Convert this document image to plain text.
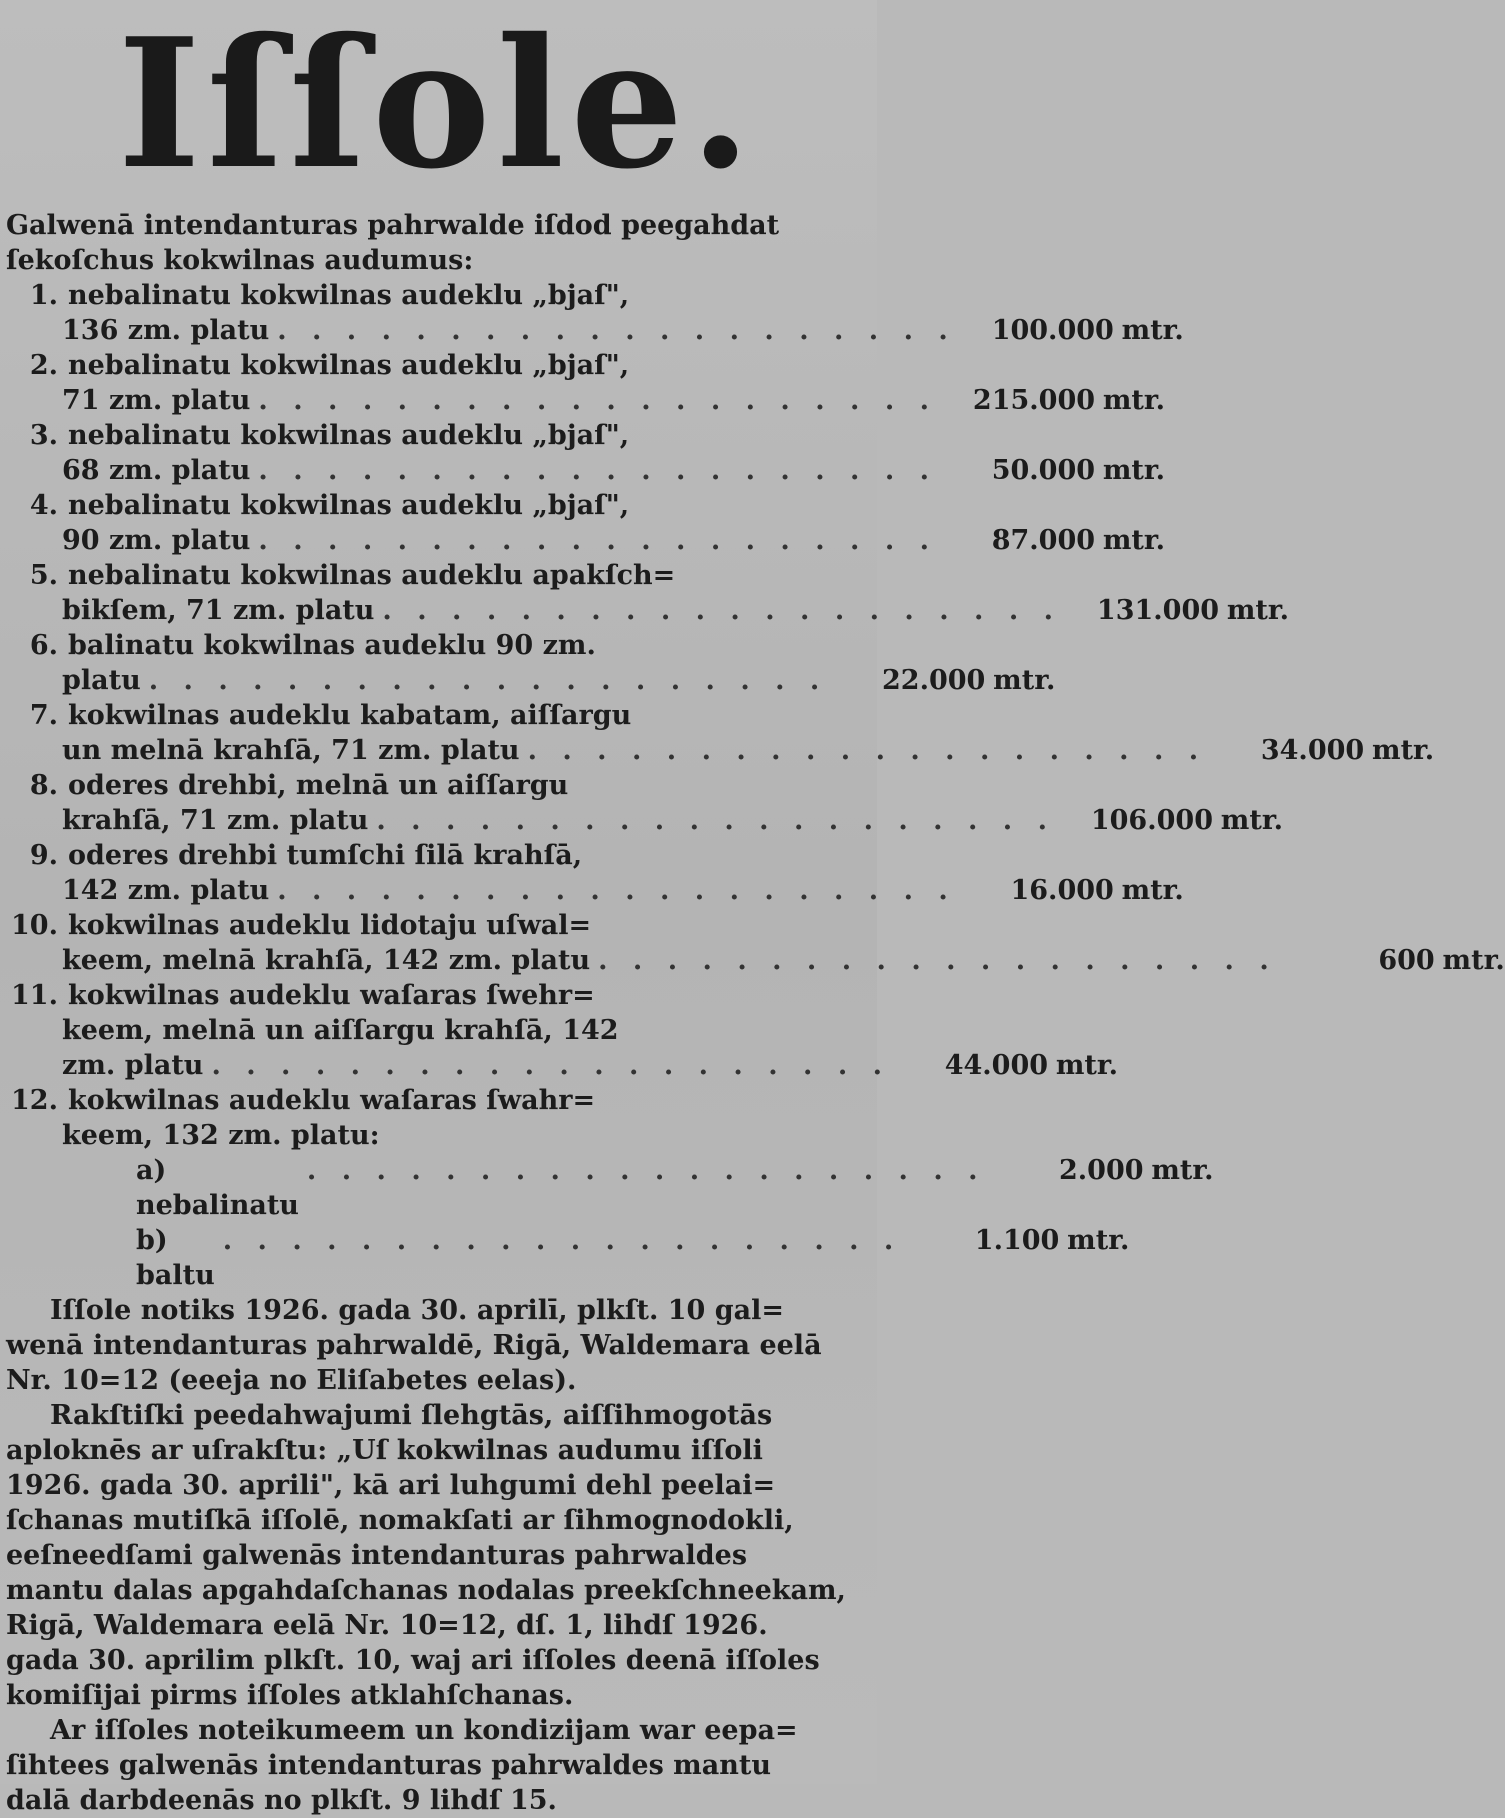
Iſſole.

Galwenā intendanturas pahrwalde iſdod peegahdat

ſekoſchus kokwilnas audumus:

1. nebalinatu kokwilnas audeklu „bjaſ",
136 zm. platu . . . . . . . . . . . . . . . . . . . .	100.000 mtr.
2. nebalinatu kokwilnas audeklu „bjaſ",
71 zm. platu . . . . . . . . . . . . . . . . . . . .	215.000 mtr.
3. nebalinatu kokwilnas audeklu „bjaſ",
68 zm. platu . . . . . . . . . . . . . . . . . . . .	50.000 mtr.
4. nebalinatu kokwilnas audeklu „bjaſ",
90 zm. platu . . . . . . . . . . . . . . . . . . . .	87.000 mtr.
5. nebalinatu kokwilnas audeklu apakſch=
bikſem, 71 zm. platu . . . . . . . . . . . . . . . . . . . .	131.000 mtr.
6. balinatu kokwilnas audeklu 90 zm.
platu . . . . . . . . . . . . . . . . . . . .	22.000 mtr.
7. kokwilnas audeklu kabatam, aiſſargu
un melnā krahſā, 71 zm. platu . . . . . . . . . . . . . . . . . . . .	34.000 mtr.
8. oderes drehbi, melnā un aiſſargu
krahſā, 71 zm. platu . . . . . . . . . . . . . . . . . . . .	106.000 mtr.
9. oderes drehbi tumſchi ſilā krahſā,
142 zm. platu . . . . . . . . . . . . . . . . . . . .	16.000 mtr.
10. kokwilnas audeklu lidotaju uſwal=
keem, melnā krahſā, 142 zm. platu . . . . . . . . . . . . . . . . . . . .	600 mtr.
11. kokwilnas audeklu waſaras ſwehr=
keem, melnā un aiſſargu krahſā, 142
zm. platu . . . . . . . . . . . . . . . . . . . .	44.000 mtr.
12. kokwilnas audeklu waſaras ſwahr=
keem, 132 zm. platu:
a) nebalinatu
. . . . . . . . . . . . . . . . . . . .	2.000 mtr.
b) baltu
. . . . . . . . . . . . . . . . . . . .	1.100 mtr.

Iſſole notiks 1926. gada 30. aprilī, plkſt. 10 gal=
wenā intendanturas pahrwaldē, Rigā, Waldemara eelā
Nr. 10=12 (eeeja no Eliſabetes eelas).

Rakſtiſki peedahwajumi ſlehgtās, aiſſihmogotās
aploknēs ar uſrakſtu: „Uſ kokwilnas audumu iſſoli
1926. gada 30. aprili", kā ari luhgumi dehl peelai=
ſchanas mutiſkā iſſolē, nomakſati ar ſihmognodokli,
eeſneedſami galwenās intendanturas pahrwaldes
mantu dalas apgahdaſchanas nodalas preekſchneekam,
Rigā, Waldemara eelā Nr. 10=12, dſ. 1, lihdſ 1926.
gada 30. aprilim plkſt. 10, waj ari iſſoles deenā iſſoles
komiſijai pirms iſſoles atklahſchanas.

Ar iſſoles noteikumeem un kondizijam war eepa=
ſihtees galwenās intendanturas pahrwaldes mantu
dalā darbdeenās no plkſt. 9 lihdſ 15.
